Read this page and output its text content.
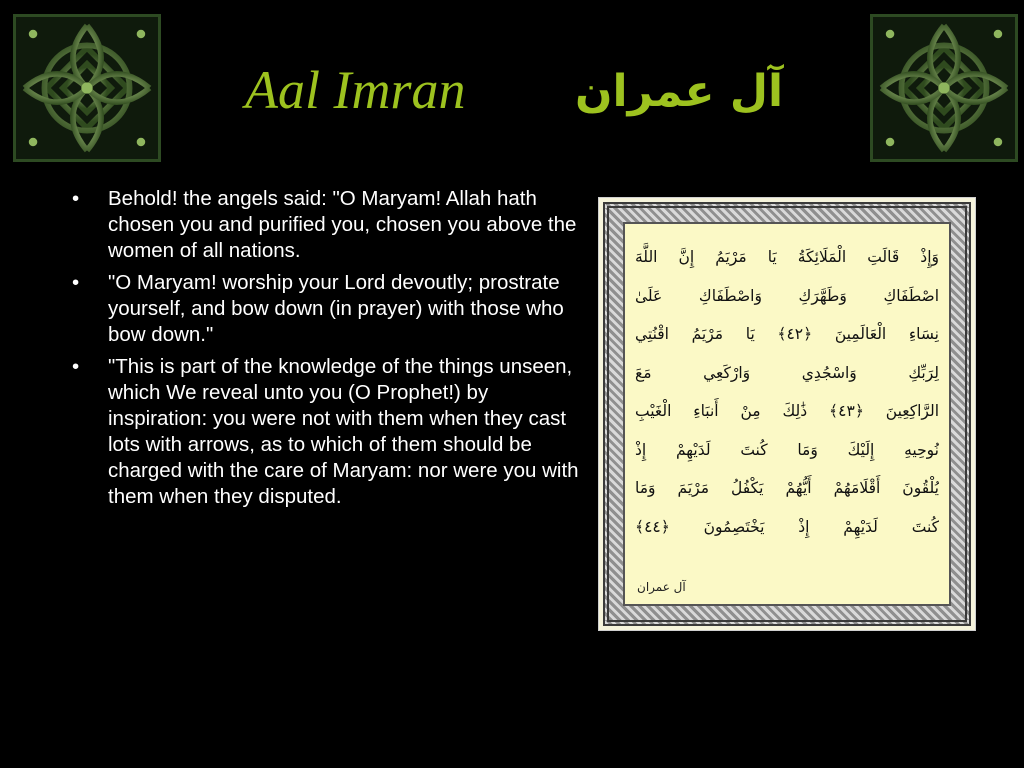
Aal Imran آل عمران
• Behold! the angels said: "O Maryam! Allah hath chosen you and purified you, chosen you above the women of all nations.
• "O Maryam! worship your Lord devoutly; prostrate yourself, and bow down (in prayer) with those who bow down."
• "This is part of the knowledge of the things unseen, which We reveal unto you (O Prophet!) by inspiration: you were not with them when they cast lots with arrows, as to which of them should be charged with the care of Maryam: nor were you with them when they disputed.
وَإِذْ قَالَتِ الْمَلَائِكَةُ يَا مَرْيَمُ إِنَّ اللَّهَ
اصْطَفَاكِ وَطَهَّرَكِ وَاصْطَفَاكِ عَلَىٰ
نِسَاءِ الْعَالَمِينَ ﴿٤٢﴾ يَا مَرْيَمُ اقْنُتِي
لِرَبِّكِ وَاسْجُدِي وَارْكَعِي مَعَ
الرَّاكِعِينَ ﴿٤٣﴾ ذَٰلِكَ مِنْ أَنبَاءِ الْغَيْبِ
نُوحِيهِ إِلَيْكَ وَمَا كُنتَ لَدَيْهِمْ إِذْ
يُلْقُونَ أَقْلَامَهُمْ أَيُّهُمْ يَكْفُلُ مَرْيَمَ وَمَا
كُنتَ لَدَيْهِمْ إِذْ يَخْتَصِمُونَ ﴿٤٤﴾
آل عمران
